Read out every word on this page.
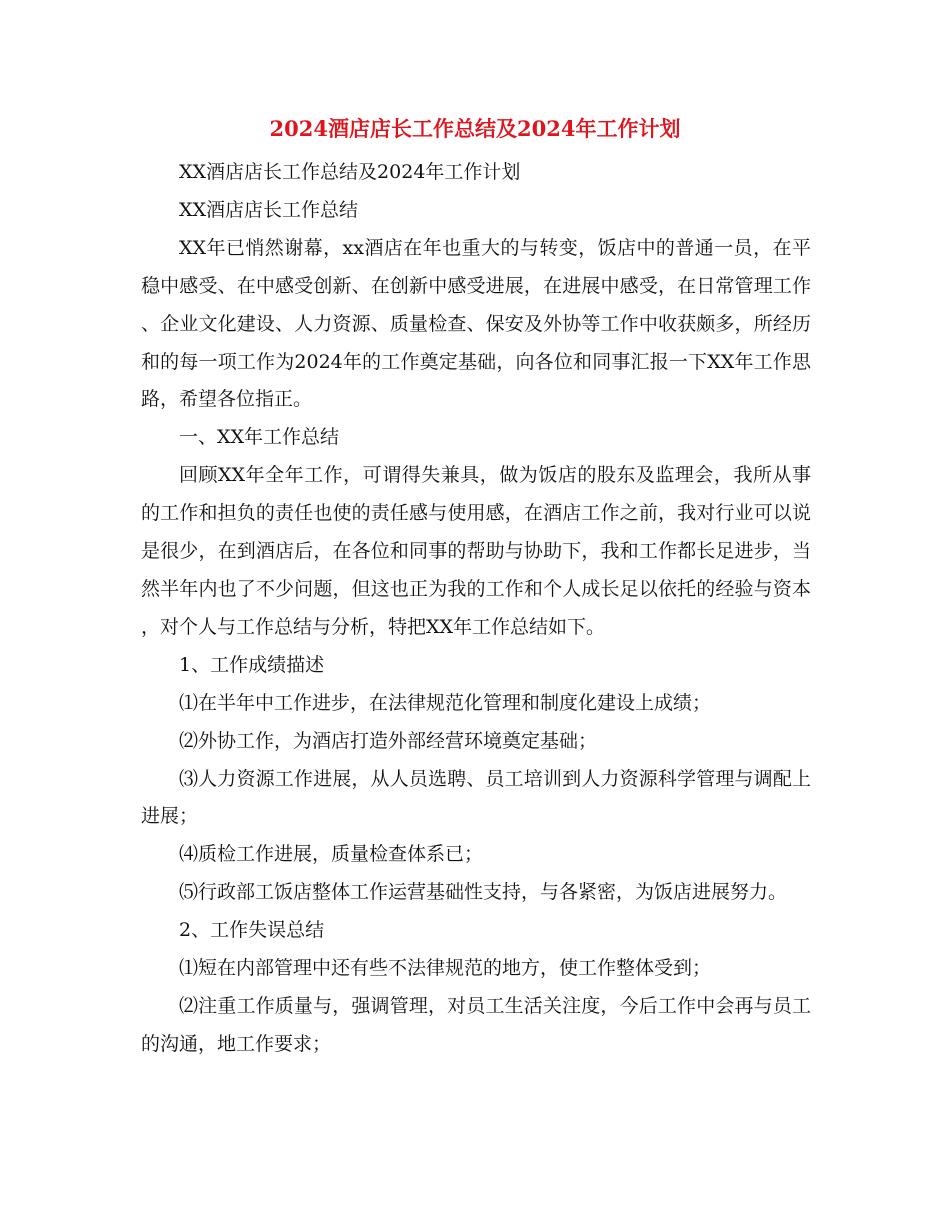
2024酒店店长工作总结及2024年工作计划

XX酒店店长工作总结及2024年工作计划

XX酒店店长工作总结

XX年已悄然谢幕，xx酒店在年也重大的与转变，饭店中的普通一员，在平稳中感受、在中感受创新、在创新中感受进展，在进展中感受，在日常管理工作、企业文化建设、人力资源、质量检查、保安及外协等工作中收获颇多，所经历和的每一项工作为2024年的工作奠定基础，向各位和同事汇报一下XX年工作思路，希望各位指正。

一、XX年工作总结

回顾XX年全年工作，可谓得失兼具，做为饭店的股东及监理会，我所从事的工作和担负的责任也使的责任感与使用感，在酒店工作之前，我对行业可以说是很少，在到酒店后，在各位和同事的帮助与协助下，我和工作都长足进步，当然半年内也了不少问题，但这也正为我的工作和个人成长足以依托的经验与资本，对个人与工作总结与分析，特把XX年工作总结如下。

1、工作成绩描述

⑴在半年中工作进步，在法律规范化管理和制度化建设上成绩；

⑵外协工作，为酒店打造外部经营环境奠定基础；

⑶人力资源工作进展，从人员选聘、员工培训到人力资源科学管理与调配上进展；

⑷质检工作进展，质量检查体系已；

⑸行政部工饭店整体工作运营基础性支持，与各紧密，为饭店进展努力。

2、工作失误总结

⑴短在内部管理中还有些不法律规范的地方，使工作整体受到；

⑵注重工作质量与，强调管理，对员工生活关注度，今后工作中会再与员工的沟通，地工作要求；
